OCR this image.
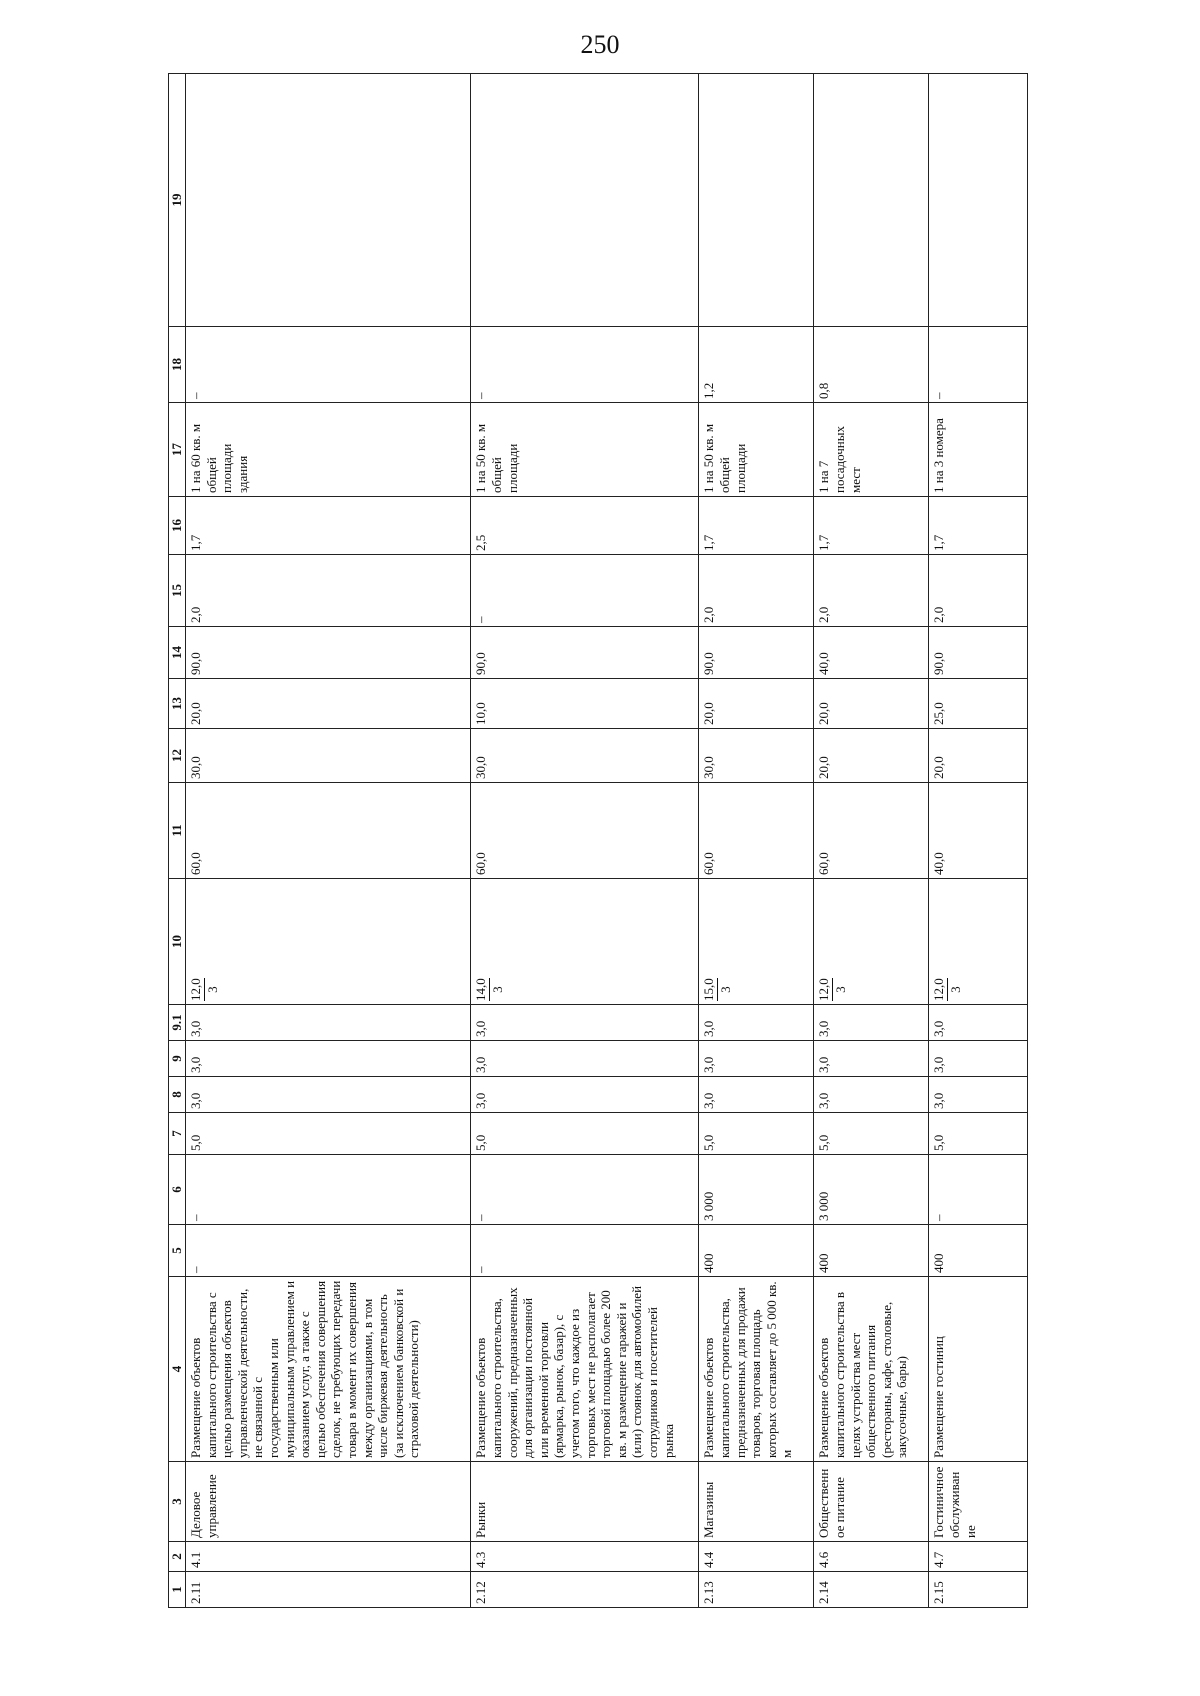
250
1	2	3	4	5	6	7	8	9	9.1	10	11	12	13	14	15	16	17	18	19
2.11	4.1	Деловое управление	Размещение объектов капитального строительства с целью размещения объектов управленческой деятельности, не связанной с государственным или муниципальным управлением и оказанием услуг, а также с целью обеспечения совершения сделок, не требующих передачи товара в момент их совершения между организациями, в том числе биржевая деятельность (за исключением банковской и страховой деятельности)	–	–	5,0	3,0	3,0	3,0	12,0 3	60,0	30,0	20,0	90,0	2,0	1,7	1 на 60 кв. м общей площади здания	–	
2.12	4.3	Рынки	Размещение объектов капитального строительства, сооружений, предназначенных для организации постоянной или временной торговли (ярмарка, рынок, базар), с учетом того, что каждое из торговых мест не располагает торговой площадью более 200 кв. м размещение гаражей и (или) стоянок для автомобилей сотрудников и посетителей рынка	–	–	5,0	3,0	3,0	3,0	14,0 3	60,0	30,0	10,0	90,0	–	2,5	1 на 50 кв. м общей площади	–	
2.13	4.4	Магазины	Размещение объектов капитального строительства, предназначенных для продажи товаров, торговая площадь которых составляет до 5 000 кв. м	400	3 000	5,0	3,0	3,0	3,0	15,0 3	60,0	30,0	20,0	90,0	2,0	1,7	1 на 50 кв. м общей площади	1,2	
2.14	4.6	Общественное питание	Размещение объектов капитального строительства в целях устройства мест общественного питания (рестораны, кафе, столовые, закусочные, бары)	400	3 000	5,0	3,0	3,0	3,0	12,0 3	60,0	20,0	20,0	40,0	2,0	1,7	1 на 7 посадочных мест	0,8	
2.15	4.7	Гостиничное обслуживание	Размещение гостиниц	400	–	5,0	3,0	3,0	3,0	12,0 3	40,0	20,0	25,0	90,0	2,0	1,7	1 на 3 номера	–	
